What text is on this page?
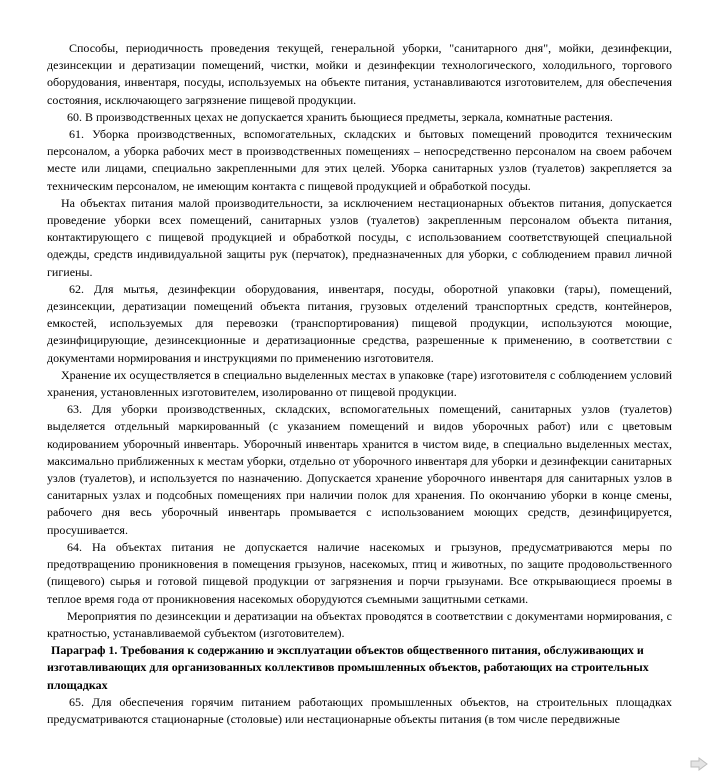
Способы, периодичность проведения текущей, генеральной уборки, "санитарного дня", мойки, дезинфекции, дезинсекции и дератизации помещений, чистки, мойки и дезинфекции технологического, холодильного, торгового оборудования, инвентаря, посуды, используемых на объекте питания, устанавливаются изготовителем, для обеспечения состояния, исключающего загрязнение пищевой продукции.

60. В производственных цехах не допускается хранить бьющиеся предметы, зеркала, комнатные растения.

61. Уборка производственных, вспомогательных, складских и бытовых помещений проводится техническим персоналом, а уборка рабочих мест в производственных помещениях – непосредственно персоналом на своем рабочем месте или лицами, специально закрепленными для этих целей. Уборка санитарных узлов (туалетов) закрепляется за техническим персоналом, не имеющим контакта с пищевой продукцией и обработкой посуды.

На объектах питания малой производительности, за исключением нестационарных объектов питания, допускается проведение уборки всех помещений, санитарных узлов (туалетов) закрепленным персоналом объекта питания, контактирующего с пищевой продукцией и обработкой посуды, с использованием соответствующей специальной одежды, средств индивидуальной защиты рук (перчаток), предназначенных для уборки, с соблюдением правил личной гигиены.

62. Для мытья, дезинфекции оборудования, инвентаря, посуды, оборотной упаковки (тары), помещений, дезинсекции, дератизации помещений объекта питания, грузовых отделений транспортных средств, контейнеров, емкостей, используемых для перевозки (транспортирования) пищевой продукции, используются моющие, дезинфицирующие, дезинсекционные и дератизационные средства, разрешенные к применению, в соответствии с документами нормирования и инструкциями по применению изготовителя.

Хранение их осуществляется в специально выделенных местах в упаковке (таре) изготовителя с соблюдением условий хранения, установленных изготовителем, изолированно от пищевой продукции.

63. Для уборки производственных, складских, вспомогательных помещений, санитарных узлов (туалетов) выделяется отдельный маркированный (с указанием помещений и видов уборочных работ) или с цветовым кодированием уборочный инвентарь. Уборочный инвентарь хранится в чистом виде, в специально выделенных местах, максимально приближенных к местам уборки, отдельно от уборочного инвентаря для уборки и дезинфекции санитарных узлов (туалетов), и используется по назначению. Допускается хранение уборочного инвентаря для санитарных узлов в санитарных узлах и подсобных помещениях при наличии полок для хранения. По окончанию уборки в конце смены, рабочего дня весь уборочный инвентарь промывается с использованием моющих средств, дезинфицируется, просушивается.

64. На объектах питания не допускается наличие насекомых и грызунов, предусматриваются меры по предотвращению проникновения в помещения грызунов, насекомых, птиц и животных, по защите продовольственного (пищевого) сырья и готовой пищевой продукции от загрязнения и порчи грызунами. Все открывающиеся проемы в теплое время года от проникновения насекомых оборудуются съемными защитными сетками.

Мероприятия по дезинсекции и дератизации на объектах проводятся в соответствии с документами нормирования, с кратностью, устанавливаемой субъектом (изготовителем).

Параграф 1. Требования к содержанию и эксплуатации объектов общественного питания, обслуживающих и изготавливающих для организованных коллективов промышленных объектов, работающих на строительных площадках

65. Для обеспечения горячим питанием работающих промышленных объектов, на строительных площадках предусматриваются стационарные (столовые) или нестационарные объекты питания (в том числе передвижные
